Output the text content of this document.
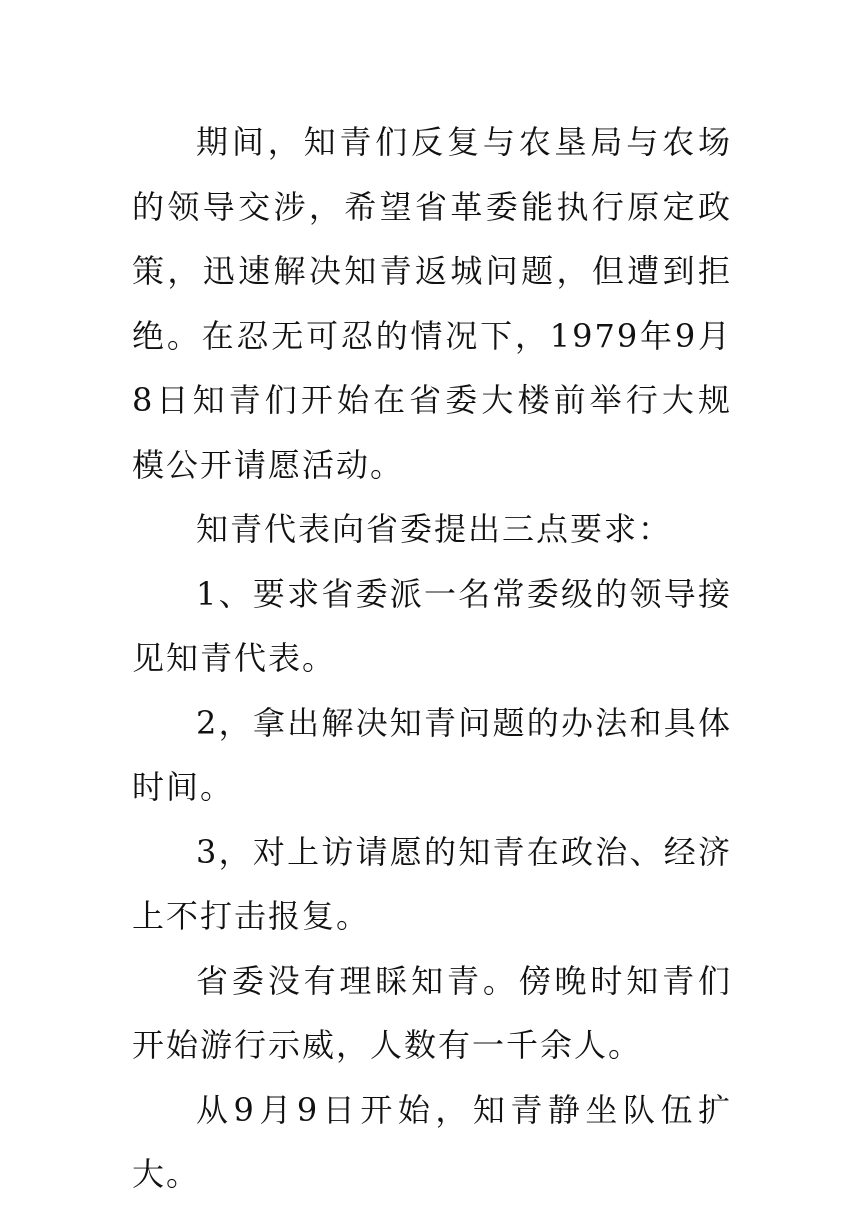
期间，知青们反复与农垦局与农场的领导交涉，希望省革委能执行原定政策，迅速解决知青返城问题，但遭到拒绝。在忍无可忍的情况下，1979年9月8日知青们开始在省委大楼前举行大规模公开请愿活动。

知青代表向省委提出三点要求：

1、要求省委派一名常委级的领导接见知青代表。

2，拿出解决知青问题的办法和具体时间。

3，对上访请愿的知青在政治、经济上不打击报复。

省委没有理睬知青。傍晚时知青们开始游行示威，人数有一千余人。

从9月9日开始，知青静坐队伍扩大。
